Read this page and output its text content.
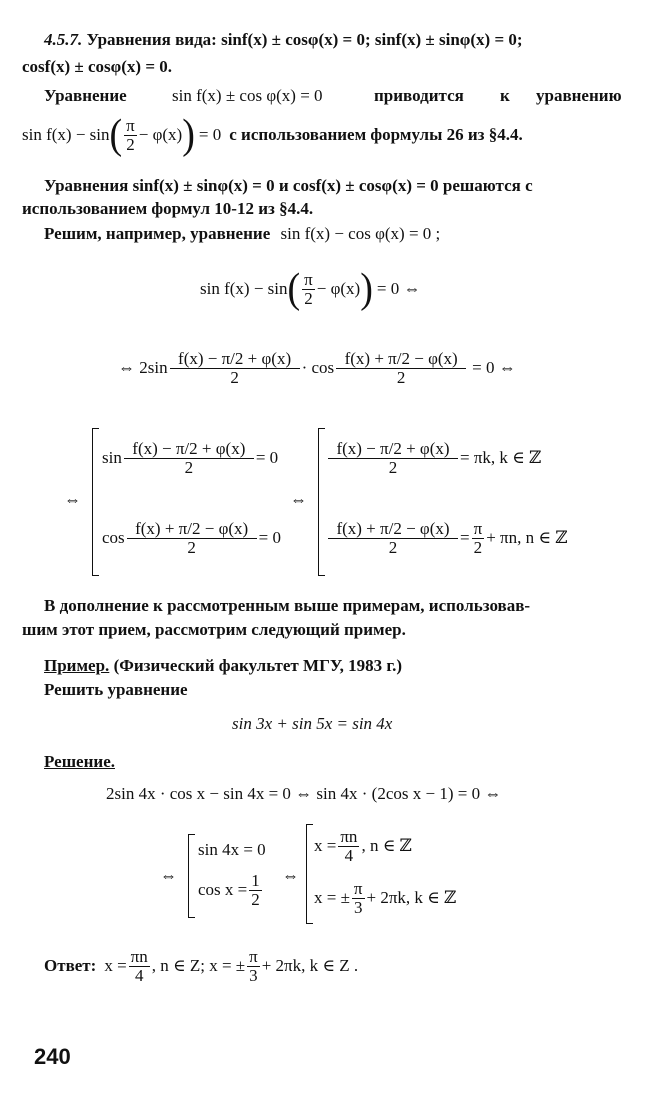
4.5.7. Уравнения вида: sinf(x) ± cosφ(x) = 0; sinf(x) ± sinφ(x) = 0;
cosf(x) ± cosφ(x) = 0.
Уравнение	sin f(x) ± cos φ(x) = 0	приводится к уравнению
sin f(x) − sin ( $\frac{\pi}{2} - \varphi(x)$ ) = 0 с использованием формулы 26 из §4.4.
Уравнения sinf(x) ± sinφ(x) = 0 и cosf(x) ± cosφ(x) = 0 решаются с
использованием формул 10-12 из §4.4.
Решим, например, уравнение sin f(x) − cos φ(x) = 0 ;
sin f(x) − sin ( $\frac{\pi}{2} - \varphi(x)$ ) = 0 ⇔
⇔ $2\sin \frac{f(x) - \pi/2 + \varphi(x)}{2} \cdot \cos \frac{f(x) + \pi/2 - \varphi(x)}{2} = 0$ ⇔
⇔
$\sin \frac{f(x) - \pi/2 + \varphi(x)}{2} = 0$
$\cos \frac{f(x) + \pi/2 - \varphi(x)}{2} = 0$
⇔
$\frac{f(x) - \pi/2 + \varphi(x)}{2} = \pi k$, k ∈ ℤ
$\frac{f(x) + \pi/2 - \varphi(x)}{2} = \frac{\pi}{2} + \pi n$, n ∈ ℤ
В дополнение к рассмотренным выше примерам, использовав-
шим этот прием, рассмотрим следующий пример.
Пример. (Физический факультет МГУ, 1983 г.)
Решить уравнение
sin 3x + sin 5x = sin 4x
Решение.
2sin 4x · cos x − sin 4x = 0 ⇔ sin 4x · (2cos x − 1) = 0 ⇔
⇔
sin 4x = 0
$\cos x = \frac{1}{2}$ ⇔
$x = \frac{\pi n}{4}$ , n ∈ ℤ
x = ± $\frac{\pi}{3} + 2\pi k$, k ∈ ℤ
Ответ: $x = \frac{\pi n}{4}$ , n ∈ Z; x = ± $\frac{\pi}{3} + 2\pi k$, k ∈ Z .
240
